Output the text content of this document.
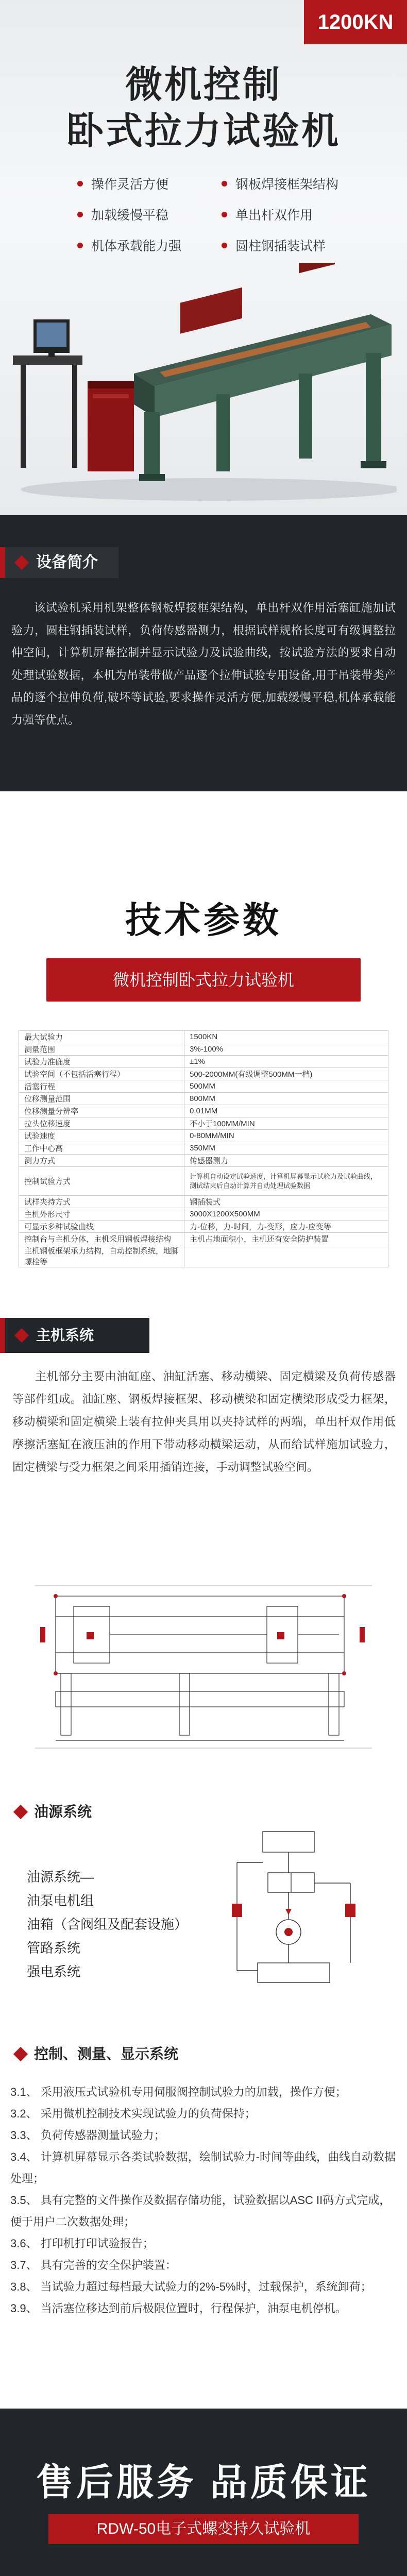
1200KN
微机控制
卧式拉力试验机
操作灵活方便	钢板焊接框架结构
加载缓慢平稳	单出杆双作用
机体承载能力强	圆柱钢插装试样
设备简介
该试验机采用机架整体钢板焊接框架结构，单出杆双作用活塞缸施加试验力，圆柱钢插装试样，负荷传感器测力，根据试样规格长度可有级调整拉伸空间，计算机屏幕控制并显示试验力及试验曲线，按试验方法的要求自动处理试验数据，本机为吊装带做产品逐个拉伸试验专用设备,用于吊装带类产品的逐个拉伸负荷,破坏等试验,要求操作灵活方便,加载缓慢平稳,机体承载能力强等优点。
技术参数
微机控制卧式拉力试验机
最大试验力	1500KN
测量范围	3%-100%
试验力准确度	±1%
试验空间（不包括活塞行程）	500-2000MM(有级调整500MM一档)
活塞行程	500MM
位移测量范围	800MM
位移测量分辨率	0.01MM
拉头位移速度	不小于100MM/MIN
试验速度	0-80MM/MIN
工作中心高	350MM
测力方式	传感器测力
控制试验方式	计算机自动设定试验速度，计算机屏幕显示试验力及试验曲线，测试结束后自动计算并自动处理试验数据
试样夹持方式	钢插装式
主机外形尺寸	3000X1200X500MM
可显示多种试验曲线	力-位移，力-时间，力-变形，应力-应变等
控制台与主机分体，主机采用钢板焊接结构	主机占地面积小，主机还有安全防护装置
主机钢板框架承力结构，自动控制系统，地脚螺栓等	
主机系统
主机部分主要由油缸座、油缸活塞、移动横梁、固定横梁及负荷传感器等部件组成。油缸座、钢板焊接框架、移动横梁和固定横梁形成受力框架，移动横梁和固定横梁上装有拉伸夹具用以夹持试样的两端，单出杆双作用低摩擦活塞缸在液压油的作用下带动移动横梁运动，从而给试样施加试验力，固定横梁与受力框架之间采用插销连接，手动调整试验空间。
油源系统
油源系统—
油泵电机组
油箱（含阀组及配套设施）
管路系统
强电系统
控制、测量、显示系统
3.1、 采用液压式试验机专用伺服阀控制试验力的加载，操作方便；
3.2、 采用微机控制技术实现试验力的负荷保持；
3.3、 负荷传感器测量试验力；
3.4、 计算机屏幕显示各类试验数据，绘制试验力-时间等曲线，曲线自动数据处理；
3.5、 具有完整的文件操作及数据存储功能，试验数据以ASC II码方式完成，便于用户二次数据处理；
3.6、 打印机打印试验报告；
3.7、 具有完善的安全保护装置：
3.8、 当试验力超过每档最大试验力的2%-5%时，过载保护，系统卸荷；
3.9、 当活塞位移达到前后极限位置时，行程保护，油泵电机停机。
售后服务 品质保证
RDW-50电子式螺变持久试验机
